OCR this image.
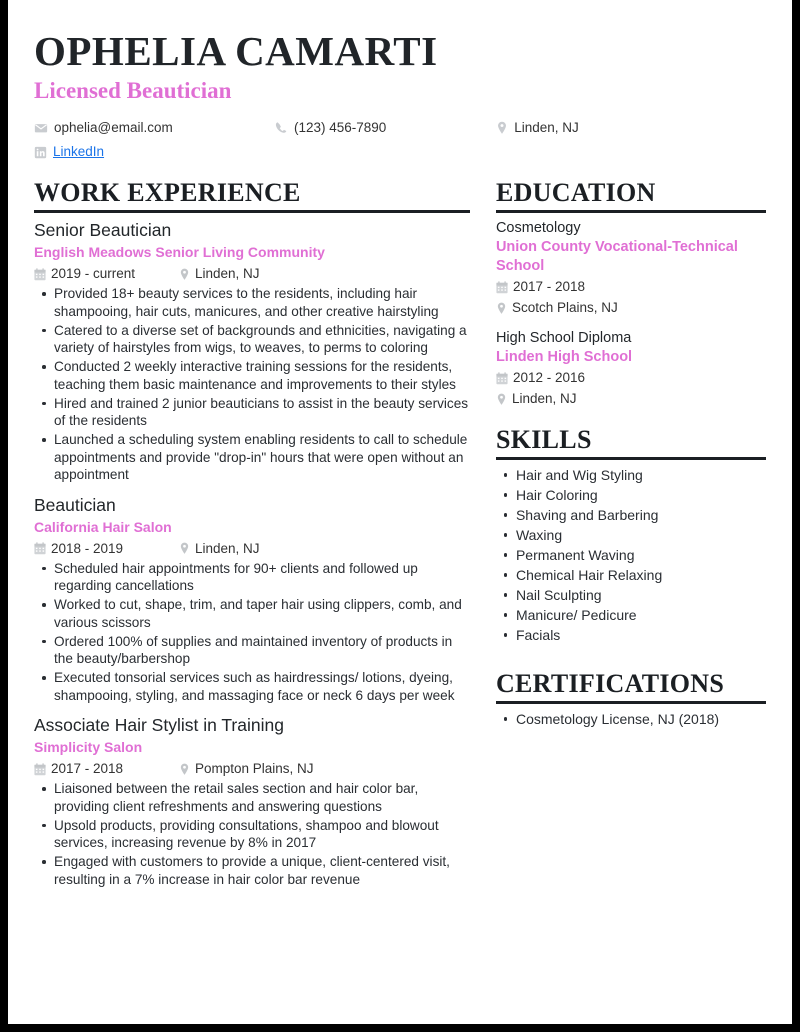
OPHELIA CAMARTI
Licensed Beautician
ophelia@email.com	(123) 456-7890	Linden, NJ
LinkedIn
WORK EXPERIENCE
Senior Beautician
English Meadows Senior Living Community
2019 - current	Linden, NJ
Provided 18+ beauty services to the residents, including hair shampooing, hair cuts, manicures, and other creative hairstyling
Catered to a diverse set of backgrounds and ethnicities, navigating a variety of hairstyles from wigs, to weaves, to perms to coloring
Conducted 2 weekly interactive training sessions for the residents, teaching them basic maintenance and improvements to their styles
Hired and trained 2 junior beauticians to assist in the beauty services of the residents
Launched a scheduling system enabling residents to call to schedule appointments and provide "drop-in" hours that were open without an appointment
Beautician
California Hair Salon
2018 - 2019	Linden, NJ
Scheduled hair appointments for 90+ clients and followed up regarding cancellations
Worked to cut, shape, trim, and taper hair using clippers, comb, and various scissors
Ordered 100% of supplies and maintained inventory of products in the beauty/barbershop
Executed tonsorial services such as hairdressings/ lotions, dyeing, shampooing, styling, and massaging face or neck 6 days per week
Associate Hair Stylist in Training
Simplicity Salon
2017 - 2018	Pompton Plains, NJ
Liaisoned between the retail sales section and hair color bar, providing client refreshments and answering questions
Upsold products, providing consultations, shampoo and blowout services, increasing revenue by 8% in 2017
Engaged with customers to provide a unique, client-centered visit, resulting in a 7% increase in hair color bar revenue
EDUCATION
Cosmetology
Union County Vocational-Technical School
2017 - 2018
Scotch Plains, NJ
High School Diploma
Linden High School
2012 - 2016
Linden, NJ
SKILLS
Hair and Wig Styling
Hair Coloring
Shaving and Barbering
Waxing
Permanent Waving
Chemical Hair Relaxing
Nail Sculpting
Manicure/ Pedicure
Facials
CERTIFICATIONS
Cosmetology License, NJ (2018)
